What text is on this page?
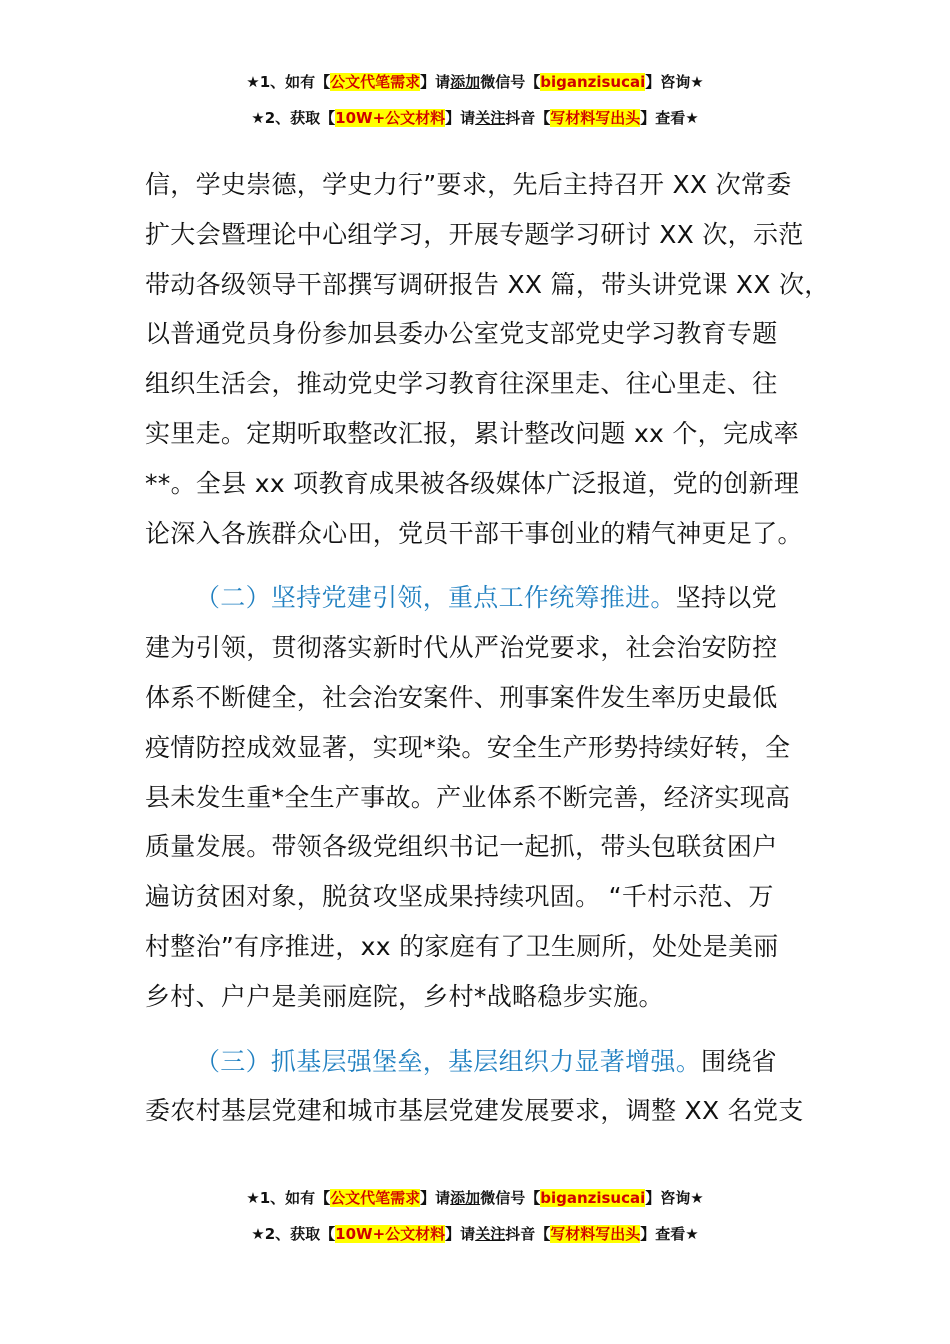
★1、如有【公文代笔需求】请添加微信号【biganzisucai】咨询★
★2、获取【10W+公文材料】请关注抖音【写材料写出头】查看★

信，学史崇德，学史力行”要求，先后主持召开 XX 次常委
扩大会暨理论中心组学习，开展专题学习研讨 XX 次，示范
带动各级领导干部撰写调研报告 XX 篇，带头讲党课 XX 次，
以普通党员身份参加县委办公室党支部党史学习教育专题
组织生活会，推动党史学习教育往深里走、往心里走、往
实里走。定期听取整改汇报，累计整改问题 xx 个，完成率
**。全县 xx 项教育成果被各级媒体广泛报道，党的创新理
论深入各族群众心田，党员干部干事创业的精气神更足了。

（二）坚持党建引领，重点工作统筹推进。坚持以党
建为引领，贯彻落实新时代从严治党要求，社会治安防控
体系不断健全，社会治安案件、刑事案件发生率历史最低
疫情防控成效显著，实现*染。安全生产形势持续好转，全
县未发生重*全生产事故。产业体系不断完善，经济实现高
质量发展。带领各级党组织书记一起抓，带头包联贫困户
遍访贫困对象，脱贫攻坚成果持续巩固。 “千村示范、万
村整治”有序推进，xx 的家庭有了卫生厕所，处处是美丽
乡村、户户是美丽庭院，乡村*战略稳步实施。

（三）抓基层强堡垒，基层组织力显著增强。围绕省
委农村基层党建和城市基层党建发展要求，调整 XX 名党支

★1、如有【公文代笔需求】请添加微信号【biganzisucai】咨询★
★2、获取【10W+公文材料】请关注抖音【写材料写出头】查看★
